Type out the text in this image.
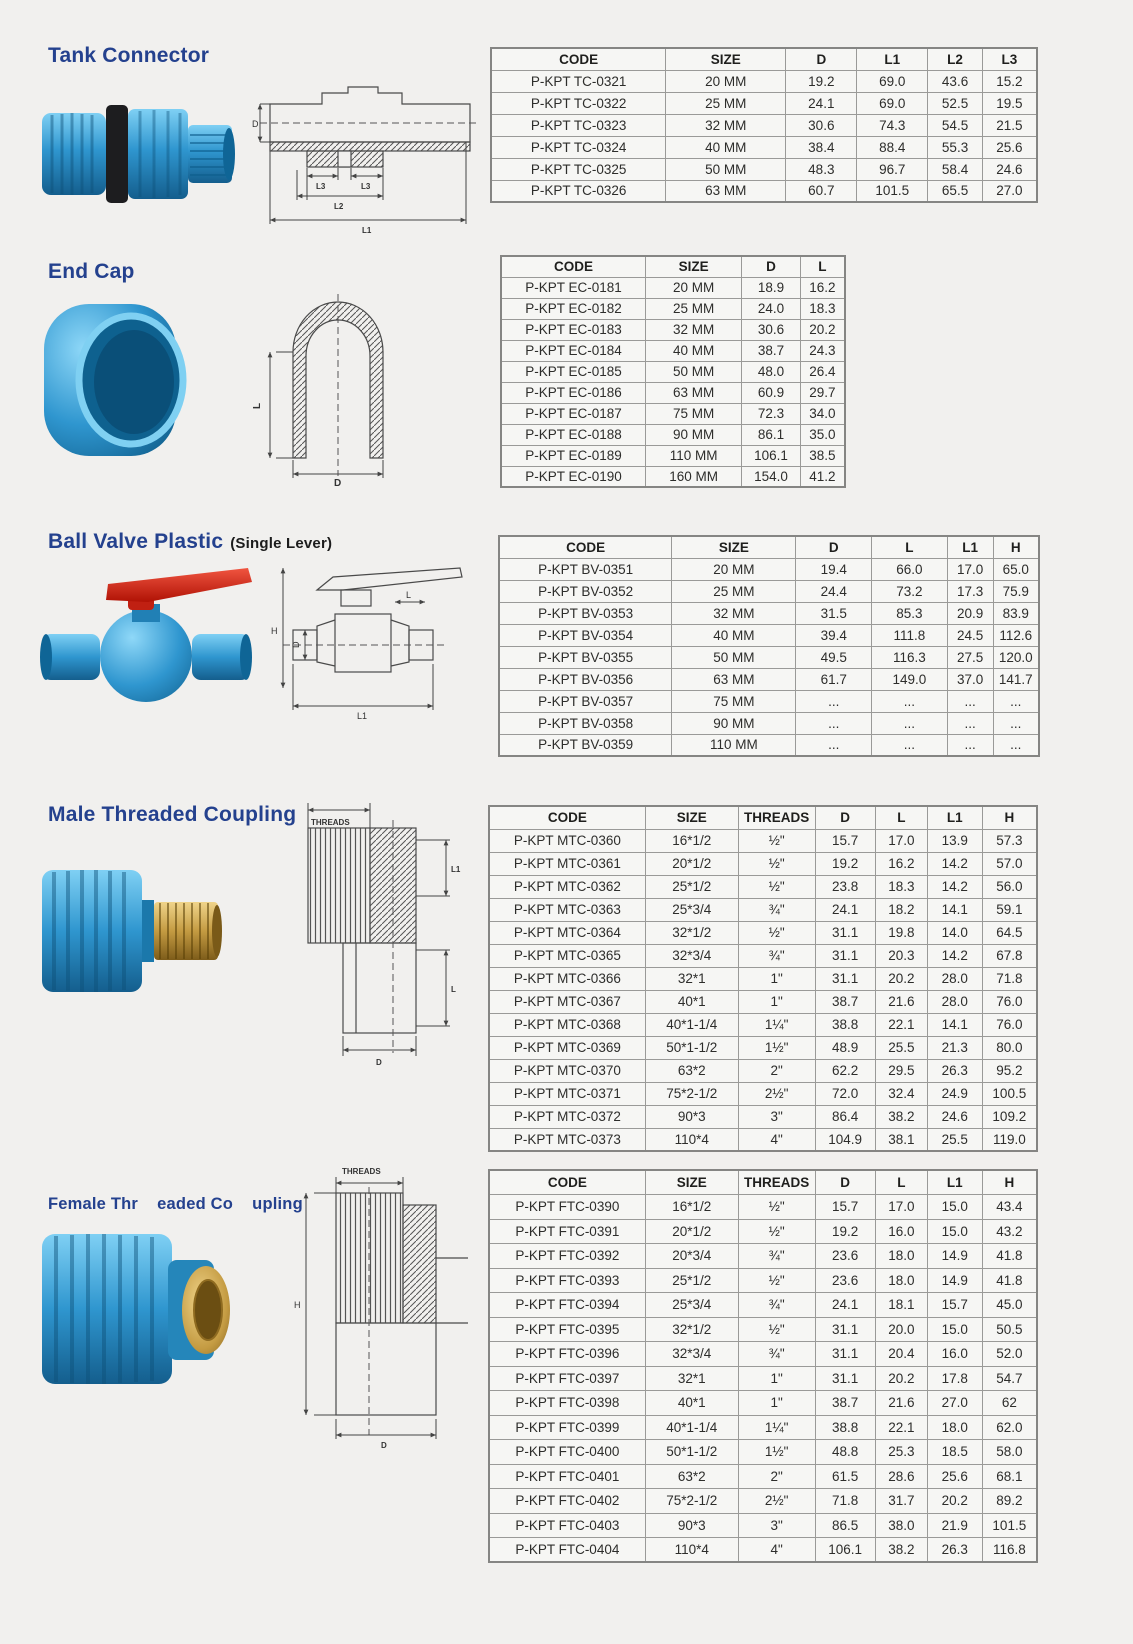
Tank Connector
D
L3	L3
L2
L1
CODE	SIZE	D	L1	L2	L3
P-KPT TC-0321	20 MM	19.2	69.0	43.6	15.2
P-KPT TC-0322	25 MM	24.1	69.0	52.5	19.5
P-KPT TC-0323	32 MM	30.6	74.3	54.5	21.5
P-KPT TC-0324	40 MM	38.4	88.4	55.3	25.6
P-KPT TC-0325	50 MM	48.3	96.7	58.4	24.6
P-KPT TC-0326	63 MM	60.7	101.5	65.5	27.0
End Cap
L
D
CODE	SIZE	D	L
P-KPT EC-0181	20 MM	18.9	16.2
P-KPT EC-0182	25 MM	24.0	18.3
P-KPT EC-0183	32 MM	30.6	20.2
P-KPT EC-0184	40 MM	38.7	24.3
P-KPT EC-0185	50 MM	48.0	26.4
P-KPT EC-0186	63 MM	60.9	29.7
P-KPT EC-0187	75 MM	72.3	34.0
P-KPT EC-0188	90 MM	86.1	35.0
P-KPT EC-0189	110 MM	106.1	38.5
P-KPT EC-0190	160 MM	154.0	41.2
Ball Valve Plastic (Single Lever)
H
L
D
L1
CODE	SIZE	D	L	L1	H
P-KPT BV-0351	20 MM	19.4	66.0	17.0	65.0
P-KPT BV-0352	25 MM	24.4	73.2	17.3	75.9
P-KPT BV-0353	32 MM	31.5	85.3	20.9	83.9
P-KPT BV-0354	40 MM	39.4	111.8	24.5	112.6
P-KPT BV-0355	50 MM	49.5	116.3	27.5	120.0
P-KPT BV-0356	63 MM	61.7	149.0	37.0	141.7
P-KPT BV-0357	75 MM	...	...	...	...
P-KPT BV-0358	90 MM	...	...	...	...
P-KPT BV-0359	110 MM	...	...	...	...
Male Threaded Coupling THREADS
L1
L
D
CODE	SIZE	THREADS	D	L	L1	H
P-KPT MTC-0360	16*1/2	½"	15.7	17.0	13.9	57.3
P-KPT MTC-0361	20*1/2	½"	19.2	16.2	14.2	57.0
P-KPT MTC-0362	25*1/2	½"	23.8	18.3	14.2	56.0
P-KPT MTC-0363	25*3/4	¾"	24.1	18.2	14.1	59.1
P-KPT MTC-0364	32*1/2	½"	31.1	19.8	14.0	64.5
P-KPT MTC-0365	32*3/4	¾"	31.1	20.3	14.2	67.8
P-KPT MTC-0366	32*1	1"	31.1	20.2	28.0	71.8
P-KPT MTC-0367	40*1	1"	38.7	21.6	28.0	76.0
P-KPT MTC-0368	40*1-1/4	1¼"	38.8	22.1	14.1	76.0
P-KPT MTC-0369	50*1-1/2	1½"	48.9	25.5	21.3	80.0
P-KPT MTC-0370	63*2	2"	62.2	29.5	26.3	95.2
P-KPT MTC-0371	75*2-1/2	2½"	72.0	32.4	24.9	100.5
P-KPT MTC-0372	90*3	3"	86.4	38.2	24.6	109.2
P-KPT MTC-0373	110*4	4"	104.9	38.1	25.5	119.0
Female Thr    eaded Co    upling
THREADS
H
D
CODE	SIZE	THREADS	D	L	L1	H
P-KPT FTC-0390	16*1/2	½"	15.7	17.0	15.0	43.4
P-KPT FTC-0391	20*1/2	½"	19.2	16.0	15.0	43.2
P-KPT FTC-0392	20*3/4	¾"	23.6	18.0	14.9	41.8
P-KPT FTC-0393	25*1/2	½"	23.6	18.0	14.9	41.8
P-KPT FTC-0394	25*3/4	¾"	24.1	18.1	15.7	45.0
P-KPT FTC-0395	32*1/2	½"	31.1	20.0	15.0	50.5
P-KPT FTC-0396	32*3/4	¾"	31.1	20.4	16.0	52.0
P-KPT FTC-0397	32*1	1"	31.1	20.2	17.8	54.7
P-KPT FTC-0398	40*1	1"	38.7	21.6	27.0	62
P-KPT FTC-0399	40*1-1/4	1¼"	38.8	22.1	18.0	62.0
P-KPT FTC-0400	50*1-1/2	1½"	48.8	25.3	18.5	58.0
P-KPT FTC-0401	63*2	2"	61.5	28.6	25.6	68.1
P-KPT FTC-0402	75*2-1/2	2½"	71.8	31.7	20.2	89.2
P-KPT FTC-0403	90*3	3"	86.5	38.0	21.9	101.5
P-KPT FTC-0404	110*4	4"	106.1	38.2	26.3	116.8
